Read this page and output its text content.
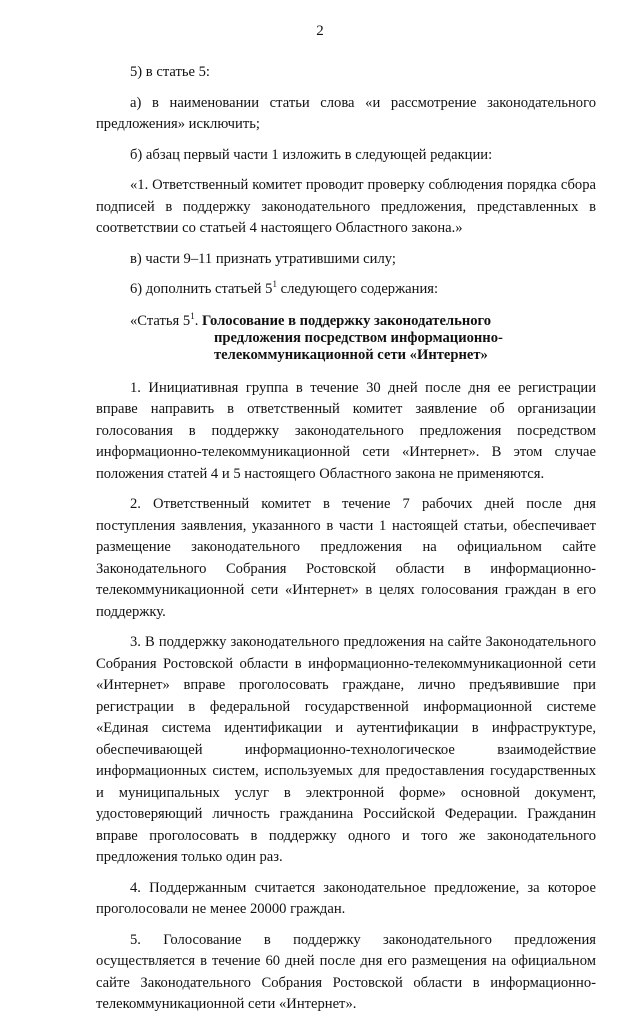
2

5) в статье 5:

а) в наименовании статьи слова «и рассмотрение законодательного предложения» исключить;

б) абзац первый части 1 изложить в следующей редакции:

«1. Ответственный комитет проводит проверку соблюдения порядка сбора подписей в поддержку законодательного предложения, представленных в соответствии со статьей 4 настоящего Областного закона.»

в) части 9–11 признать утратившими силу;

6) дополнить статьей $5^1$ следующего содержания:

«Статья $5^1$. Голосование в поддержку законодательного
предложения посредством информационно-
телекоммуникационной сети «Интернет»

1. Инициативная группа в течение 30 дней после дня ее регистрации вправе направить в ответственный комитет заявление об организации голосования в поддержку законодательного предложения посредством информационно-телекоммуникационной сети «Интернет». В этом случае положения статей 4 и 5 настоящего Областного закона не применяются.

2. Ответственный комитет в течение 7 рабочих дней после дня поступления заявления, указанного в части 1 настоящей статьи, обеспечивает размещение законодательного предложения на официальном сайте Законодательного Собрания Ростовской области в информационно-телекоммуникационной сети «Интернет» в целях голосования граждан в его поддержку.

3. В поддержку законодательного предложения на сайте Законодательного Собрания Ростовской области в информационно-телекоммуникационной сети «Интернет» вправе проголосовать граждане, лично предъявившие при регистрации в федеральной государственной информационной системе «Единая система идентификации и аутентификации в инфраструктуре, обеспечивающей информационно-технологическое взаимодействие информационных систем, используемых для предоставления государственных и муниципальных услуг в электронной форме» основной документ, удостоверяющий личность гражданина Российской Федерации. Гражданин вправе проголосовать в поддержку одного и того же законодательного предложения только один раз.

4. Поддержанным считается законодательное предложение, за которое проголосовали не менее 20000 граждан.

5. Голосование в поддержку законодательного предложения осуществляется в течение 60 дней после дня его размещения на официальном сайте Законодательного Собрания Ростовской области в информационно-телекоммуникационной сети «Интернет».
